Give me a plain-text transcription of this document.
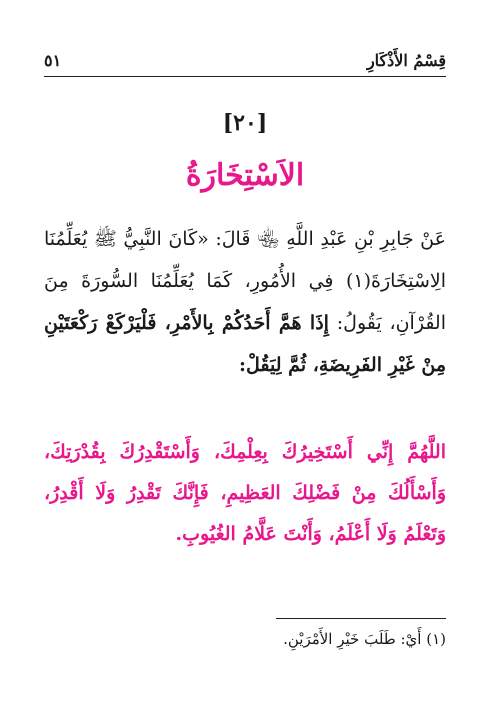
قِسْمُ الأَذْكَارِ
٥١
[٢٠]
الاَسْتِخَارَةُ
عَنْ جَابِرِ بْنِ عَبْدِ اللَّهِ ﵄ قَالَ: «كَانَ النَّبِيُّ ﷺ يُعَلِّمُنَا الِاسْتِخَارَةَ(١) فِي الأُمُورِ، كَمَا يُعَلِّمُنَا السُّورَةَ مِنَ القُرْآنِ، يَقُولُ: إِذَا هَمَّ أَحَدُكُمْ بِالأَمْرِ، فَلْيَرْكَعْ رَكْعَتَيْنِ مِنْ غَيْرِ الفَرِيضَةِ، ثُمَّ لِيَقُلْ:
اللَّهُمَّ إِنِّي أَسْتَخِيرُكَ بِعِلْمِكَ، وَأَسْتَقْدِرُكَ بِقُدْرَتِكَ، وَأَسْأَلُكَ مِنْ فَضْلِكَ العَظِيمِ، فَإِنَّكَ تَقْدِرُ وَلَا أَقْدِرُ، وَتَعْلَمُ وَلَا أَعْلَمُ، وَأَنْتَ عَلَّامُ الغُيُوبِ.
(١) أَيْ: طَلَبَ خَيْرِ الأَمْرَيْنِ.
